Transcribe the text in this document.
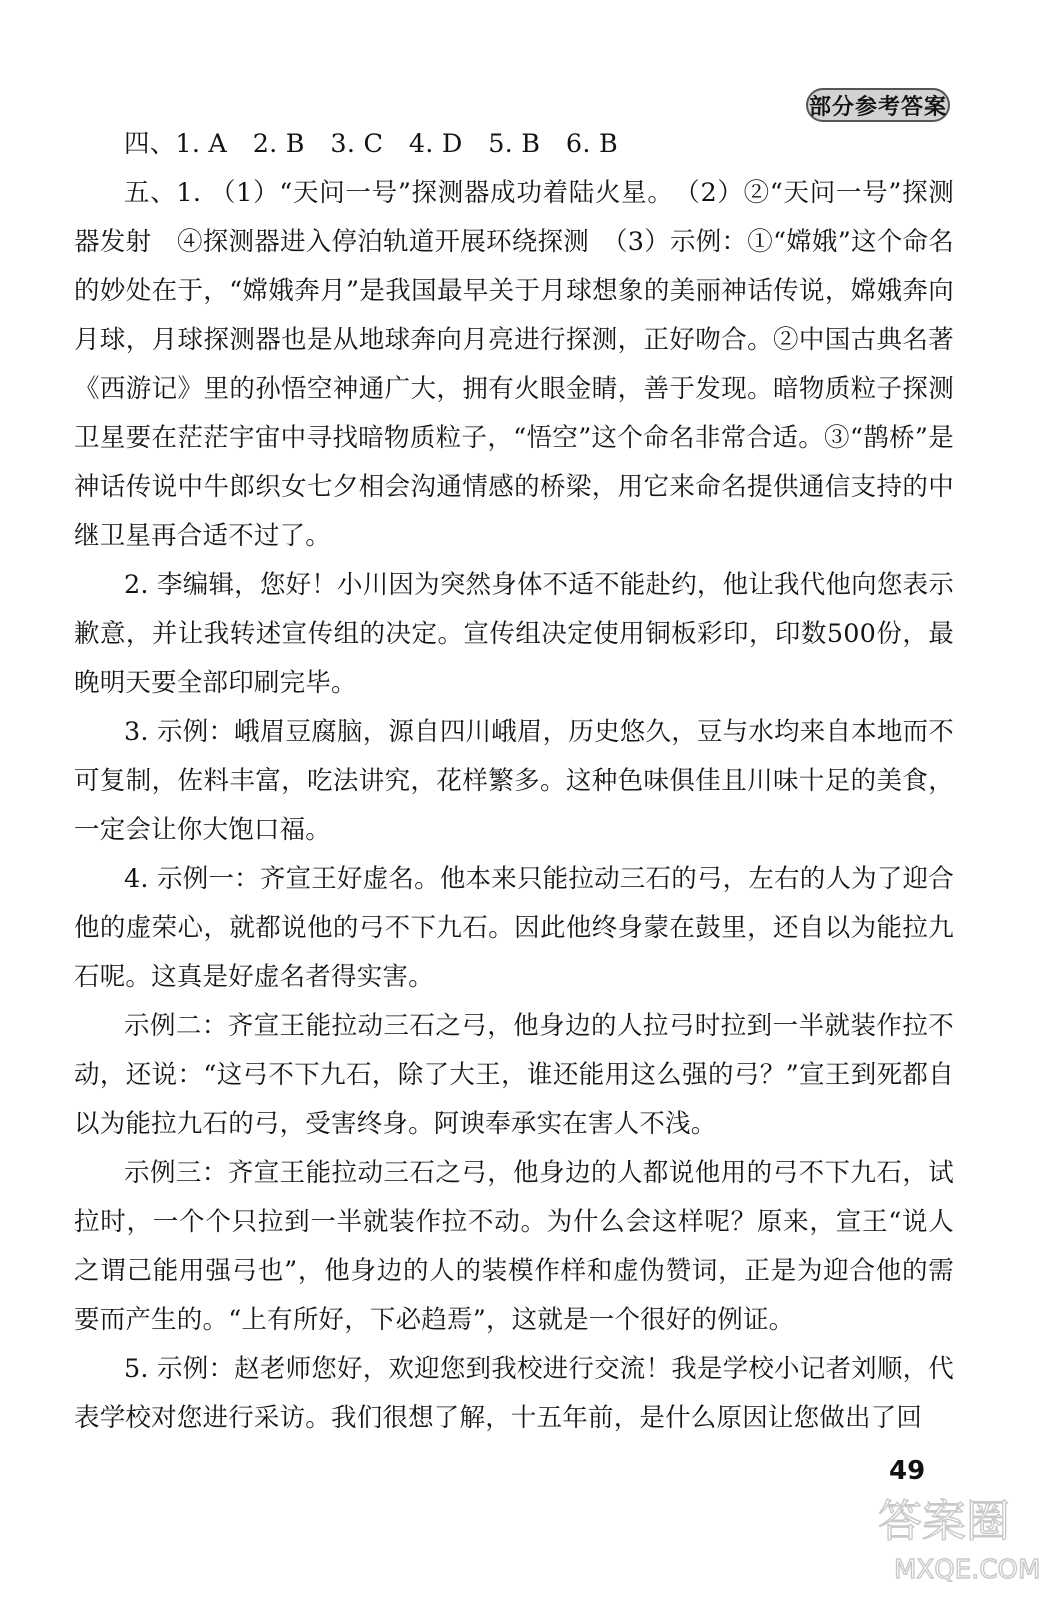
部分参考答案

四、1. A　2. B　3. C　4. D　5. B　6. B

五、1. （1）“天问一号”探测器成功着陆火星。　（2）②“天问一号”探测器发射　④探测器进入停泊轨道开展环绕探测　（3）示例：①“嫦娥”这个命名的妙处在于，“嫦娥奔月”是我国最早关于月球想象的美丽神话传说，嫦娥奔向月球，月球探测器也是从地球奔向月亮进行探测，正好吻合。②中国古典名著《西游记》里的孙悟空神通广大，拥有火眼金睛，善于发现。暗物质粒子探测卫星要在茫茫宇宙中寻找暗物质粒子，“悟空”这个命名非常合适。③“鹊桥”是神话传说中牛郎织女七夕相会沟通情感的桥梁，用它来命名提供通信支持的中继卫星再合适不过了。

2. 李编辑，您好！小川因为突然身体不适不能赴约，他让我代他向您表示歉意，并让我转述宣传组的决定。宣传组决定使用铜板彩印，印数500份，最晚明天要全部印刷完毕。

3. 示例：峨眉豆腐脑，源自四川峨眉，历史悠久，豆与水均来自本地而不可复制，佐料丰富，吃法讲究，花样繁多。这种色味俱佳且川味十足的美食，一定会让你大饱口福。

4. 示例一：齐宣王好虚名。他本来只能拉动三石的弓，左右的人为了迎合他的虚荣心，就都说他的弓不下九石。因此他终身蒙在鼓里，还自以为能拉九石呢。这真是好虚名者得实害。

示例二：齐宣王能拉动三石之弓，他身边的人拉弓时拉到一半就装作拉不动，还说：“这弓不下九石，除了大王，谁还能用这么强的弓？”宣王到死都自以为能拉九石的弓，受害终身。阿谀奉承实在害人不浅。

示例三：齐宣王能拉动三石之弓，他身边的人都说他用的弓不下九石，试拉时，一个个只拉到一半就装作拉不动。为什么会这样呢？原来，宣王“说人之谓己能用强弓也”，他身边的人的装模作样和虚伪赞词，正是为迎合他的需要而产生的。“上有所好，下必趋焉”，这就是一个很好的例证。

5. 示例：赵老师您好，欢迎您到我校进行交流！我是学校小记者刘顺，代表学校对您进行采访。我们很想了解，十五年前，是什么原因让您做出了回

49
答案圈
MXQE.COM
